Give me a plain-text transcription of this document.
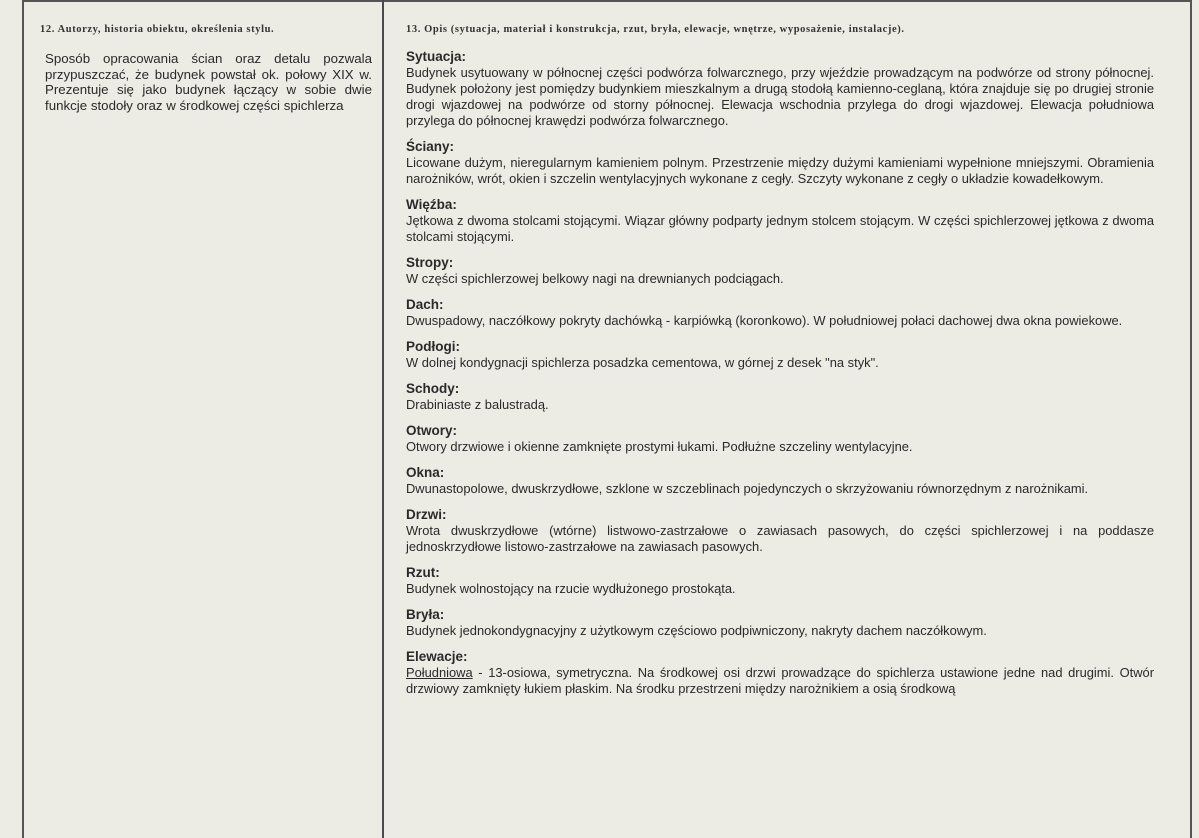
12. Autorzy, historia obiektu, określenia stylu.

Sposób opracowania ścian oraz detalu pozwala przypuszczać, że budynek powstał ok. połowy XIX w. Prezentuje się jako budynek łączący w sobie dwie funkcje stodoły oraz w środkowej części spichlerza

13. Opis (sytuacja, materiał i konstrukcja, rzut, bryła, elewacje, wnętrze, wyposażenie, instalacje).

Sytuacja:

Budynek usytuowany w północnej części podwórza folwarcznego, przy wjeździe prowadzącym na podwórze od strony północnej. Budynek położony jest pomiędzy budynkiem mieszkalnym a drugą stodołą kamienno-ceglaną, która znajduje się po drugiej stronie drogi wjazdowej na podwórze od storny północnej. Elewacja wschodnia przylega do drogi wjazdowej. Elewacja południowa przylega do północnej krawędzi podwórza folwarcznego.

Ściany:

Licowane dużym, nieregularnym kamieniem polnym. Przestrzenie między dużymi kamieniami wypełnione mniejszymi. Obramienia narożników, wrót, okien i szczelin wentylacyjnych wykonane z cegły. Szczyty wykonane z cegły o układzie kowadełkowym.

Więźba:

Jętkowa z dwoma stolcami stojącymi. Wiązar główny podparty jednym stolcem stojącym. W części spichlerzowej jętkowa z dwoma stolcami stojącymi.

Stropy:

W części spichlerzowej belkowy nagi na drewnianych podciągach.

Dach:

Dwuspadowy, naczółkowy pokryty dachówką - karpiówką (koronkowo). W południowej połaci dachowej dwa okna powiekowe.

Podłogi:

W dolnej kondygnacji spichlerza posadzka cementowa, w górnej z desek "na styk".

Schody:

Drabiniaste z balustradą.

Otwory:

Otwory drzwiowe i okienne zamknięte prostymi łukami. Podłużne szczeliny wentylacyjne.

Okna:

Dwunastopolowe, dwuskrzydłowe, szklone w szczeblinach pojedynczych o skrzyżowaniu równorzędnym z narożnikami.

Drzwi:

Wrota dwuskrzydłowe (wtórne) listwowo-zastrzałowe o zawiasach pasowych, do części spichlerzowej i na poddasze jednoskrzydłowe listowo-zastrzałowe na zawiasach pasowych.

Rzut:

Budynek wolnostojący na rzucie wydłużonego prostokąta.

Bryła:

Budynek jednokondygnacyjny z użytkowym częściowo podpiwniczony, nakryty dachem naczółkowym.

Elewacje:

Południowa - 13-osiowa, symetryczna. Na środkowej osi drzwi prowadzące do spichlerza ustawione jedne nad drugimi. Otwór drzwiowy zamknięty łukiem płaskim. Na środku przestrzeni między narożnikiem a osią środkową
